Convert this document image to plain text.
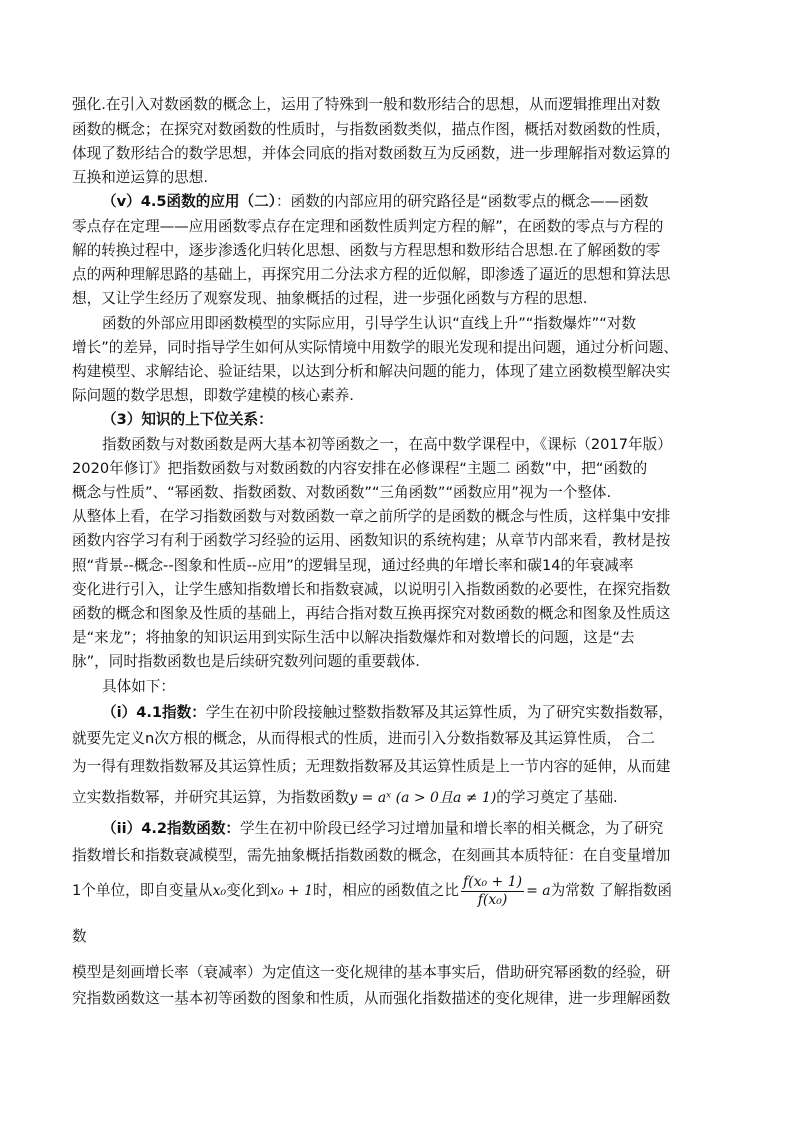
强化.在引入对数函数的概念上，运用了特殊到一般和数形结合的思想，从而逻辑推理出对数
函数的概念；在探究对数函数的性质时，与指数函数类似，描点作图，概括对数函数的性质，
体现了数形结合的数学思想，并体会同底的指对数函数互为反函数，进一步理解指对数运算的
互换和逆运算的思想.
（v）4.5函数的应用（二）：函数的内部应用的研究路径是“函数零点的概念——函数
零点存在定理——应用函数零点存在定理和函数性质判定方程的解”，在函数的零点与方程的
解的转换过程中，逐步渗透化归转化思想、函数与方程思想和数形结合思想.在了解函数的零
点的两种理解思路的基础上，再探究用二分法求方程的近似解，即渗透了逼近的思想和算法思
想，又让学生经历了观察发现、抽象概括的过程，进一步强化函数与方程的思想.
函数的外部应用即函数模型的实际应用，引导学生认识“直线上升”“指数爆炸”“对数
增长”的差异，同时指导学生如何从实际情境中用数学的眼光发现和提出问题，通过分析问题、
构建模型、求解结论、验证结果，以达到分析和解决问题的能力，体现了建立函数模型解决实
际问题的数学思想，即数学建模的核心素养.
（3）知识的上下位关系：
指数函数与对数函数是两大基本初等函数之一，在高中数学课程中，《课标（2017年版）
2020年修订》把指数函数与对数函数的内容安排在必修课程“主题二 函数”中，把“函数的
概念与性质”、“幂函数、指数函数、对数函数”“三角函数”“函数应用”视为一个整体.
从整体上看，在学习指数函数与对数函数一章之前所学的是函数的概念与性质，这样集中安排
函数内容学习有利于函数学习经验的运用、函数知识的系统构建；从章节内部来看，教材是按
照“背景--概念--图象和性质--应用”的逻辑呈现，通过经典的年增长率和碳14的年衰减率
变化进行引入，让学生感知指数增长和指数衰减，以说明引入指数函数的必要性，在探究指数
函数的概念和图象及性质的基础上，再结合指对数互换再探究对数函数的概念和图象及性质这
是“来龙”；将抽象的知识运用到实际生活中以解决指数爆炸和对数增长的问题，这是“去
脉”，同时指数函数也是后续研究数列问题的重要载体.
具体如下：
（i）4.1指数：学生在初中阶段接触过整数指数幂及其运算性质，为了研究实数指数幂，
就要先定义n次方根的概念，从而得根式的性质，进而引入分数指数幂及其运算性质， 合二
为一得有理数指数幂及其运算性质；无理数指数幂及其运算性质是上一节内容的延伸，从而建
立实数指数幂，并研究其运算，为指数函数y = aˣ (a > 0且a ≠ 1)的学习奠定了基础.
（ii）4.2指数函数：学生在初中阶段已经学习过增加量和增长率的相关概念，为了研究
指数增长和指数衰减模型，需先抽象概括指数函数的概念，在刻画其本质特征：在自变量增加
1个单位，即自变量从x₀变化到x₀ + 1时，相应的函数值之比 $\frac{\text{f(x₀ + 1)}}{\text{f(x₀)}} = a$为常数 了解指数函
数
模型是刻画增长率（衰减率）为定值这一变化规律的基本事实后，借助研究幂函数的经验，研
究指数函数这一基本初等函数的图象和性质，从而强化指数描述的变化规律，进一步理解函数
